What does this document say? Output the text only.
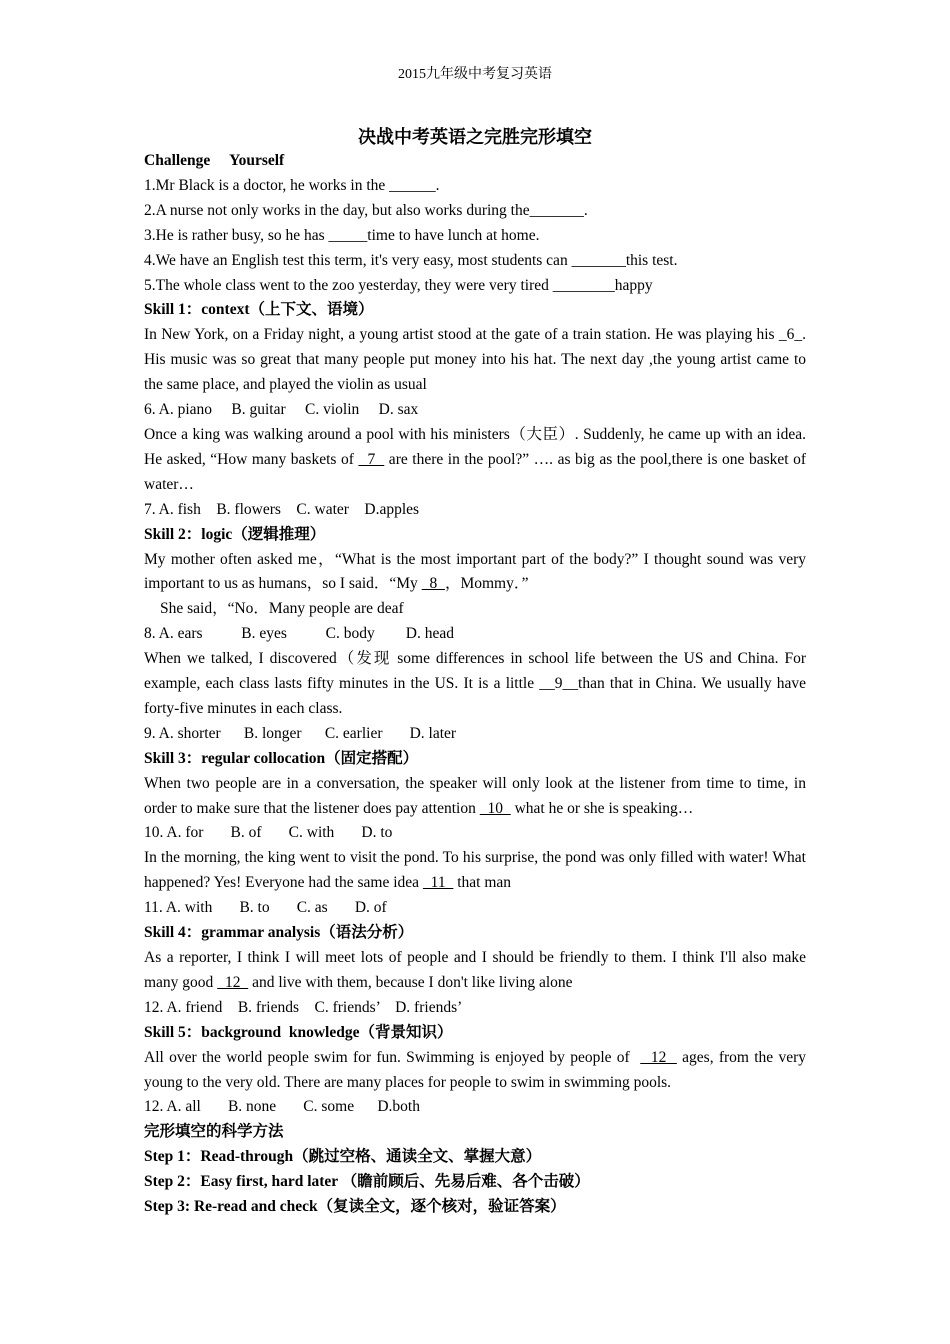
2015九年级中考复习英语
决战中考英语之完胜完形填空

Challenge     Yourself

1.Mr Black is a doctor, he works in the ______.

2.A nurse not only works in the day, but also works during the_______.

3.He is rather busy, so he has _____time to have lunch at home.

4.We have an English test this term, it's very easy, most students can _______this test.

5.The whole class went to the zoo yesterday, they were very tired ________happy

Skill 1：context（上下文、语境）

In New York, on a Friday night, a young artist stood at the gate of a train station. He was playing his _6_. His music was so great that many people put money into his hat. The next day ,the young artist came to the same place, and played the violin as usual

6. A. piano     B. guitar     C. violin     D. sax

Once a king was walking around a pool with his ministers（大臣）. Suddenly, he came up with an idea. He asked, “How many baskets of   7   are there in the pool?” …. as big as the pool,there is one basket of water…

7. A. fish    B. flowers    C. water    D.apples

Skill 2：logic（逻辑推理）

My mother often asked me，“What is the most important part of the body?” I thought sound was very important to us as humans，so I said．“My   8  ，Mommy．”

She said，“No．Many people are deaf

8. A. ears          B. eyes          C. body        D. head

When we talked, I discovered（发现 some differences in school life between the US and China. For example, each class lasts fifty minutes in the US. It is a little __9__than that in China. We usually have forty-five minutes in each class.

9. A. shorter      B. longer      C. earlier       D. later

Skill 3：regular collocation（固定搭配）

When two people are in a conversation, the speaker will only look at the listener from time to time, in order to make sure that the listener does pay attention   10   what he or she is speaking…

10. A. for       B. of       C. with       D. to

In the morning, the king went to visit the pond. To his surprise, the pond was only filled with water! What happened? Yes! Everyone had the same idea   11   that man

11. A. with       B. to       C. as       D. of

Skill 4：grammar analysis（语法分析）

As a reporter, I think I will meet lots of people and I should be friendly to them. I think I'll also make many good   12   and live with them, because I don't like living alone

12. A. friend    B. friends    C. friends’    D. friends’

Skill 5：background  knowledge（背景知识）

All over the world people swim for fun. Swimming is enjoyed by people of    12   ages, from the very young to the very old. There are many places for people to swim in swimming pools.

12. A. all       B. none       C. some      D.both

完形填空的科学方法

Step 1：Read-through（跳过空格、通读全文、掌握大意）

Step 2：Easy first, hard later （瞻前顾后、先易后难、各个击破）

Step 3: Re-read and check（复读全文，逐个核对，验证答案）
